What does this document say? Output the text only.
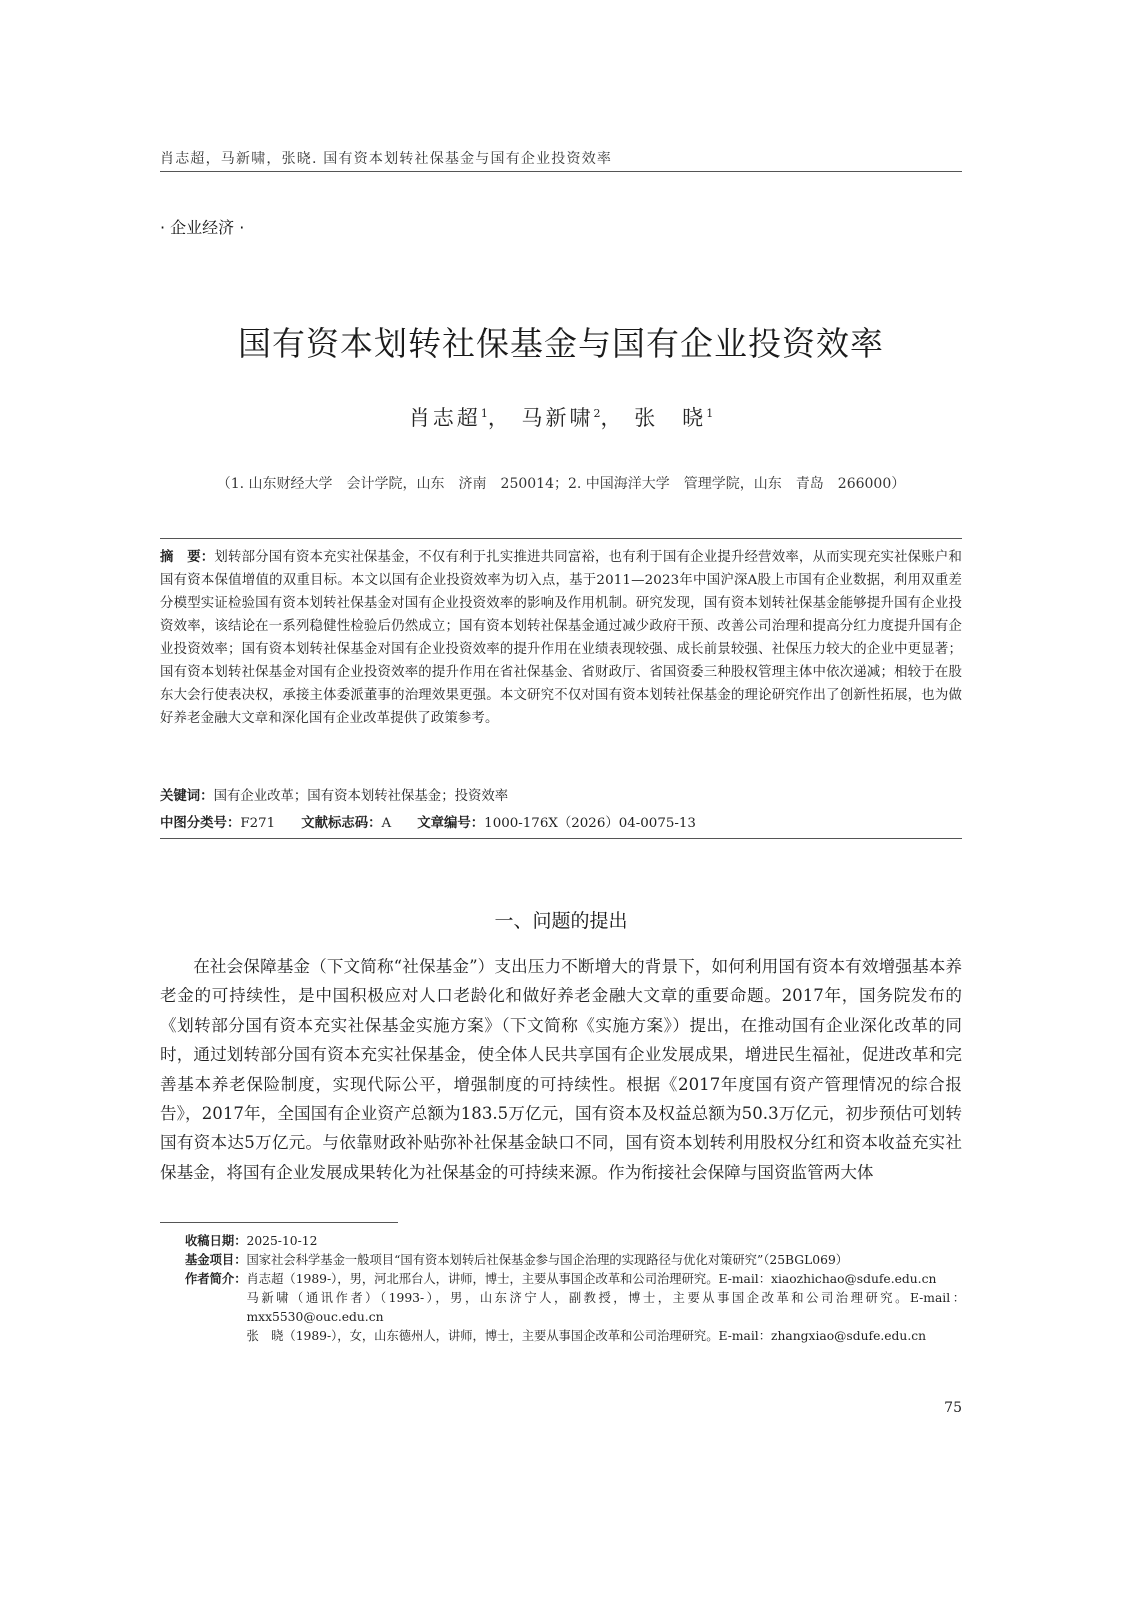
肖志超，马新啸，张晓. 国有资本划转社保基金与国有企业投资效率
· 企业经济 ·
国有资本划转社保基金与国有企业投资效率
肖志超$^1$， 马新啸$^2$， 张　晓$^1$
（1. 山东财经大学　会计学院，山东　济南　250014；2. 中国海洋大学　管理学院，山东　青岛　266000）
摘　要：划转部分国有资本充实社保基金，不仅有利于扎实推进共同富裕，也有利于国有企业提升经营效率，从而实现充实社保账户和国有资本保值增值的双重目标。本文以国有企业投资效率为切入点，基于2011—2023年中国沪深A股上市国有企业数据，利用双重差分模型实证检验国有资本划转社保基金对国有企业投资效率的影响及作用机制。研究发现，国有资本划转社保基金能够提升国有企业投资效率，该结论在一系列稳健性检验后仍然成立；国有资本划转社保基金通过减少政府干预、改善公司治理和提高分红力度提升国有企业投资效率；国有资本划转社保基金对国有企业投资效率的提升作用在业绩表现较强、成长前景较强、社保压力较大的企业中更显著；国有资本划转社保基金对国有企业投资效率的提升作用在省社保基金、省财政厅、省国资委三种股权管理主体中依次递减；相较于在股东大会行使表决权，承接主体委派董事的治理效果更强。本文研究不仅对国有资本划转社保基金的理论研究作出了创新性拓展，也为做好养老金融大文章和深化国有企业改革提供了政策参考。
关键词：国有企业改革；国有资本划转社保基金；投资效率
中图分类号：F271 文献标志码：A 文章编号：1000-176X（2026）04-0075-13
一、问题的提出
在社会保障基金（下文简称“社保基金”）支出压力不断增大的背景下，如何利用国有资本有效增强基本养老金的可持续性，是中国积极应对人口老龄化和做好养老金融大文章的重要命题。2017年，国务院发布的《划转部分国有资本充实社保基金实施方案》（下文简称《实施方案》）提出，在推动国有企业深化改革的同时，通过划转部分国有资本充实社保基金，使全体人民共享国有企业发展成果，增进民生福祉，促进改革和完善基本养老保险制度，实现代际公平，增强制度的可持续性。根据《2017年度国有资产管理情况的综合报告》，2017年，全国国有企业资产总额为183.5万亿元，国有资本及权益总额为50.3万亿元，初步预估可划转国有资本达5万亿元。与依靠财政补贴弥补社保基金缺口不同，国有资本划转利用股权分红和资本收益充实社保基金，将国有企业发展成果转化为社保基金的可持续来源。作为衔接社会保障与国资监管两大体
收稿日期： 2025-10-12
基金项目： 国家社会科学基金一般项目“国有资本划转后社保基金参与国企治理的实现路径与优化对策研究”（25BGL069）
作者简介： 肖志超（1989-），男，河北邢台人，讲师，博士，主要从事国企改革和公司治理研究。E-mail：xiaozhichao@sdufe.edu.cn

马新啸（通讯作者）（1993-），男，山东济宁人，副教授，博士，主要从事国企改革和公司治理研究。E-mail：mxx5530@ouc.edu.cn

张　晓（1989-），女，山东德州人，讲师，博士，主要从事国企改革和公司治理研究。E-mail：zhangxiao@sdufe.edu.cn

75
